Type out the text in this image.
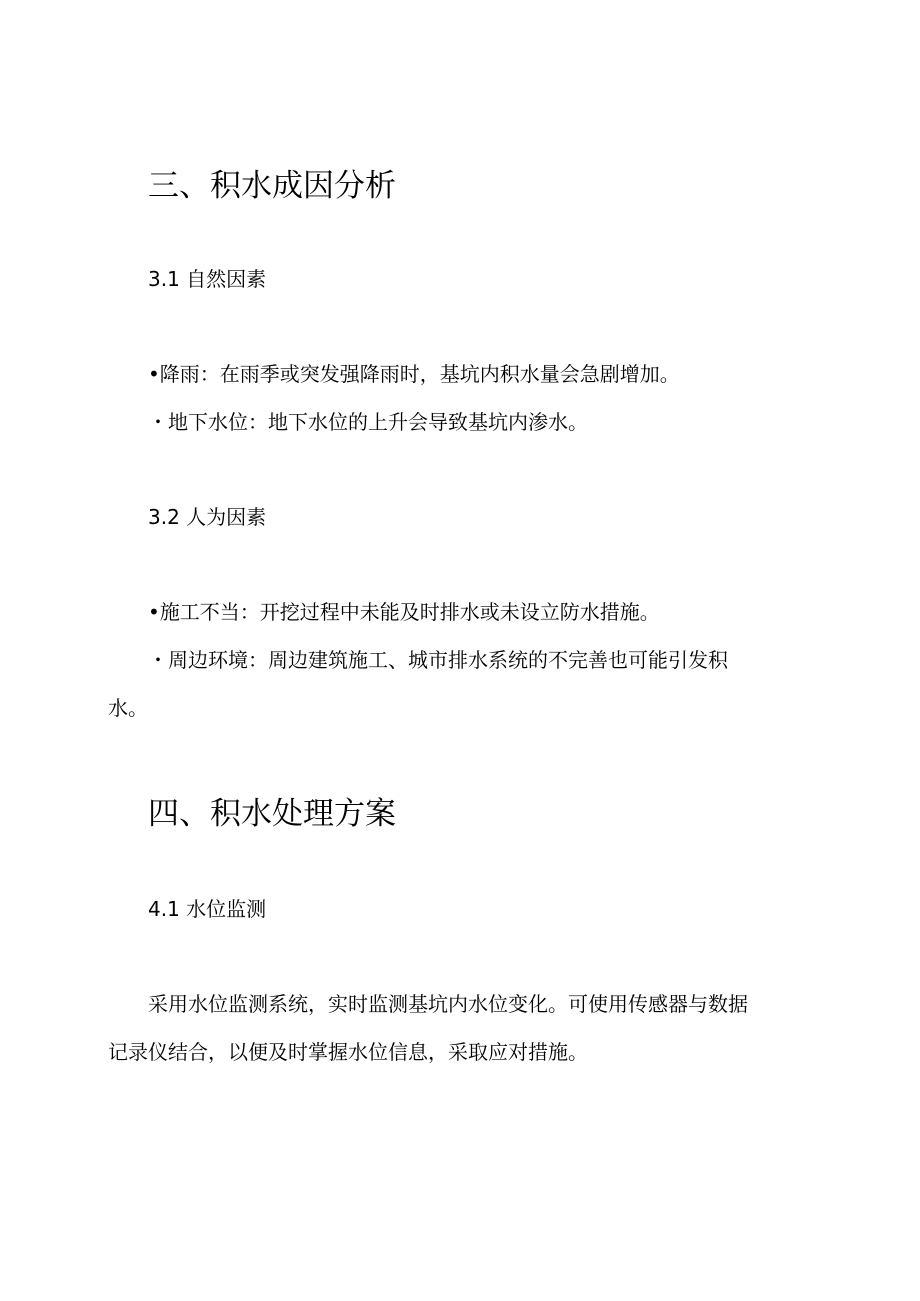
三、积水成因分析
3.1 自然因素
•降雨：在雨季或突发强降雨时，基坑内积水量会急剧增加。
・地下水位：地下水位的上升会导致基坑内渗水。
3.2 人为因素
•施工不当：开挖过程中未能及时排水或未设立防水措施。
・周边环境：周边建筑施工、城市排水系统的不完善也可能引发积
水。
四、积水处理方案
4.1 水位监测
采用水位监测系统，实时监测基坑内水位变化。可使用传感器与数据
记录仪结合，以便及时掌握水位信息，采取应对措施。
